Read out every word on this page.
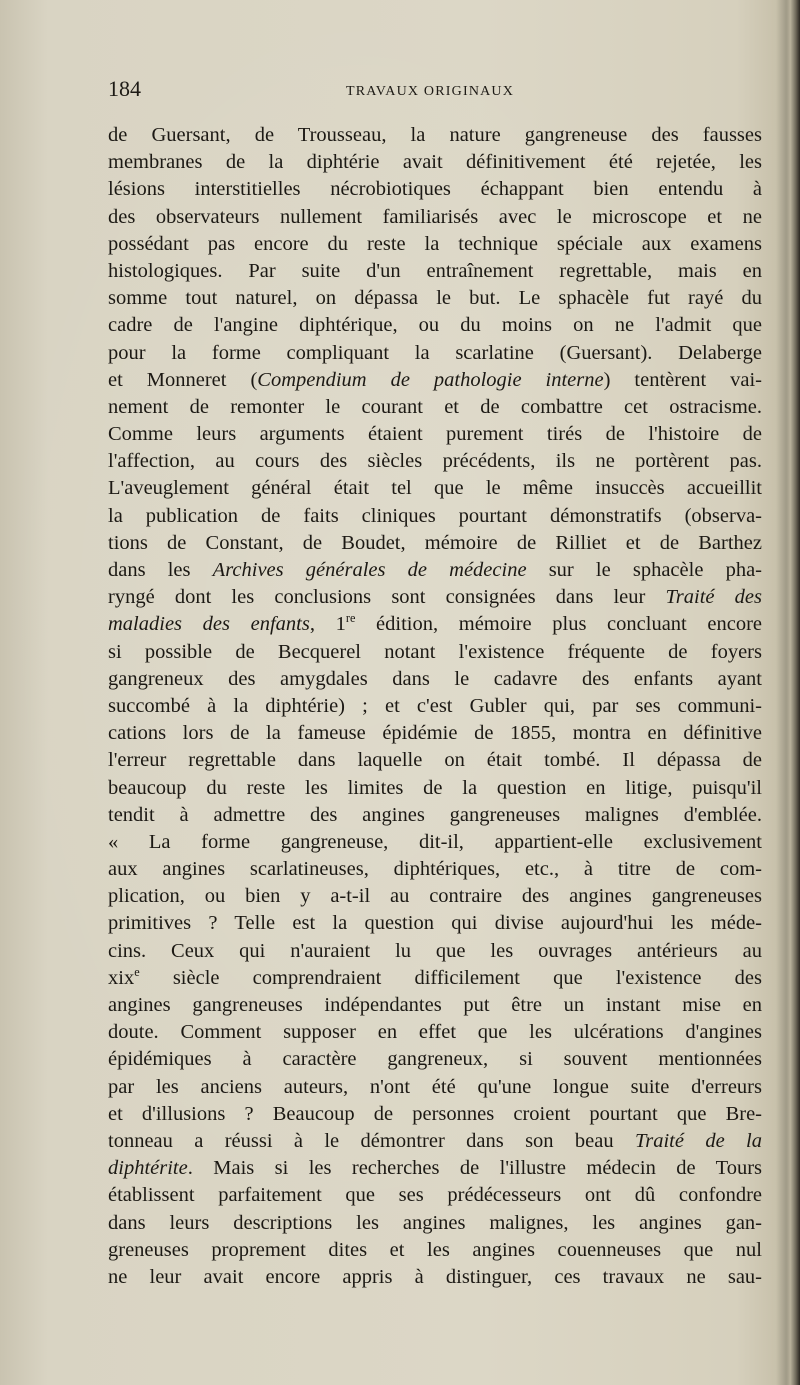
184	TRAVAUX ORIGINAUX
de Guersant, de Trousseau, la nature gangreneuse des fausses
membranes de la diphtérie avait définitivement été rejetée, les
lésions interstitielles nécrobiotiques échappant bien entendu à
des observateurs nullement familiarisés avec le microscope et ne
possédant pas encore du reste la technique spéciale aux examens
histologiques. Par suite d'un entraînement regrettable, mais en
somme tout naturel, on dépassa le but. Le sphacèle fut rayé du
cadre de l'angine diphtérique, ou du moins on ne l'admit que
pour la forme compliquant la scarlatine (Guersant). Delaberge
et Monneret (Compendium de pathologie interne) tentèrent vai-
nement de remonter le courant et de combattre cet ostracisme.
Comme leurs arguments étaient purement tirés de l'histoire de
l'affection, au cours des siècles précédents, ils ne portèrent pas.
L'aveuglement général était tel que le même insuccès accueillit
la publication de faits cliniques pourtant démonstratifs (observa-
tions de Constant, de Boudet, mémoire de Rilliet et de Barthez
dans les Archives générales de médecine sur le sphacèle pha-
ryngé dont les conclusions sont consignées dans leur Traité des
maladies des enfants, 1re édition, mémoire plus concluant encore
si possible de Becquerel notant l'existence fréquente de foyers
gangreneux des amygdales dans le cadavre des enfants ayant
succombé à la diphtérie) ; et c'est Gubler qui, par ses communi-
cations lors de la fameuse épidémie de 1855, montra en définitive
l'erreur regrettable dans laquelle on était tombé. Il dépassa de
beaucoup du reste les limites de la question en litige, puisqu'il
tendit à admettre des angines gangreneuses malignes d'emblée.
« La forme gangreneuse, dit-il, appartient-elle exclusivement
aux angines scarlatineuses, diphtériques, etc., à titre de com-
plication, ou bien y a-t-il au contraire des angines gangreneuses
primitives ? Telle est la question qui divise aujourd'hui les méde-
cins. Ceux qui n'auraient lu que les ouvrages antérieurs au
xix$^e$ siècle comprendraient difficilement que l'existence des
angines gangreneuses indépendantes put être un instant mise en
doute. Comment supposer en effet que les ulcérations d'angines
épidémiques à caractère gangreneux, si souvent mentionnées
par les anciens auteurs, n'ont été qu'une longue suite d'erreurs
et d'illusions ? Beaucoup de personnes croient pourtant que Bre-
tonneau a réussi à le démontrer dans son beau Traité de la
diphtérite. Mais si les recherches de l'illustre médecin de Tours
établissent parfaitement que ses prédécesseurs ont dû confondre
dans leurs descriptions les angines malignes, les angines gan-
greneuses proprement dites et les angines couenneuses que nul
ne leur avait encore appris à distinguer, ces travaux ne sau-
